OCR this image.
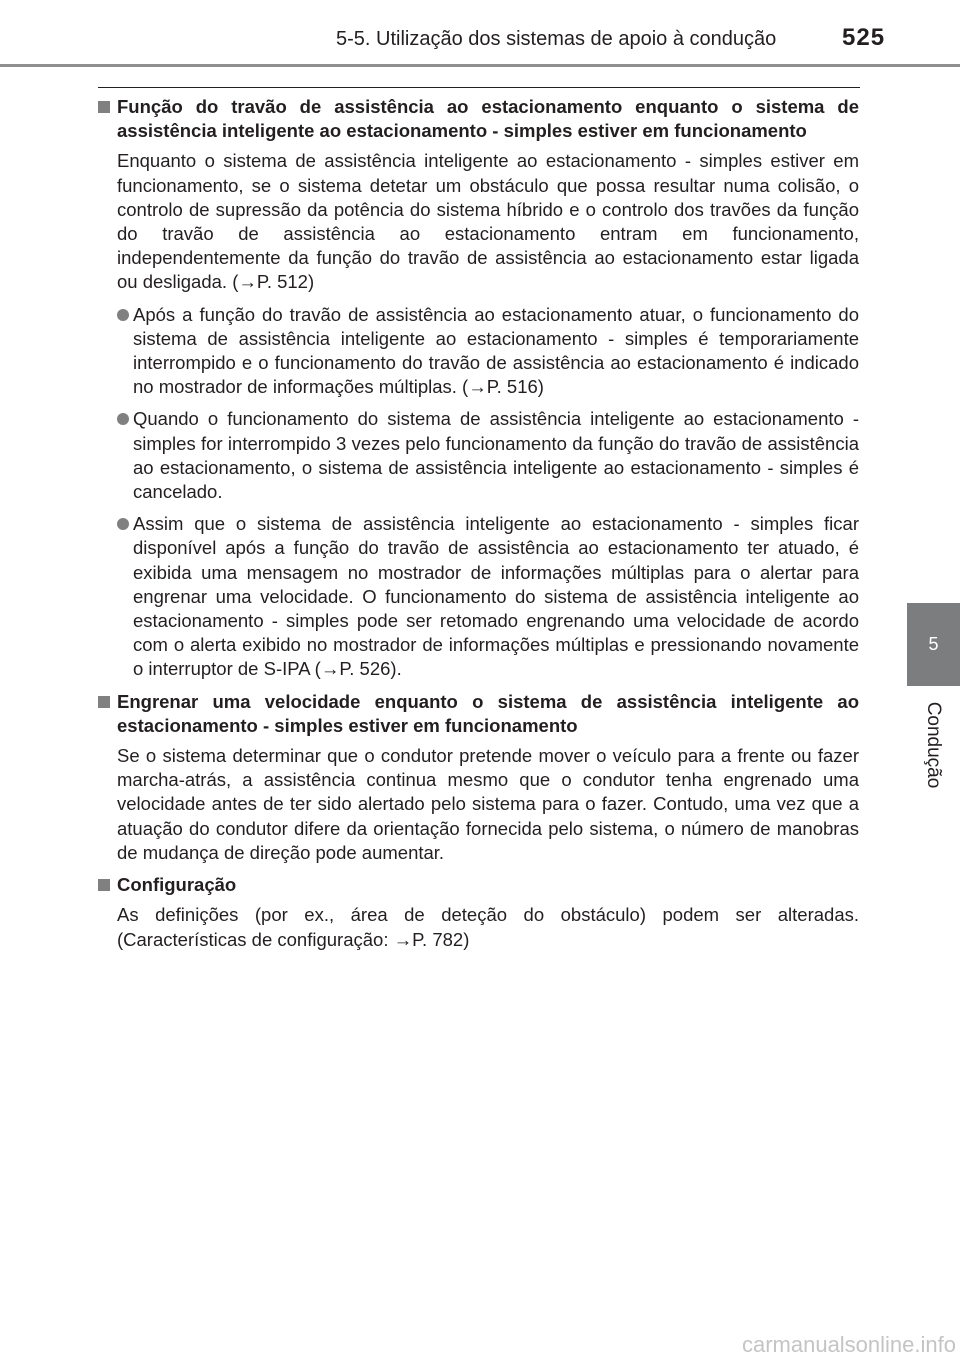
5-5. Utilização dos sistemas de apoio à condução	525
5
Condução
Função do travão de assistência ao estacionamento enquanto o sistema de assistência inteligente ao estacionamento - simples estiver em funcionamento
Enquanto o sistema de assistência inteligente ao estacionamento - simples estiver em funcionamento, se o sistema detetar um obstáculo que possa resultar numa colisão, o controlo de supressão da potência do sistema híbrido e o controlo dos travões da função do travão de assistência ao estacionamento entram em funcionamento, independentemente da função do travão de assistência ao estacionamento estar ligada ou desligada. (→P. 512)
Após a função do travão de assistência ao estacionamento atuar, o funcionamento do sistema de assistência inteligente ao estacionamento - simples é temporariamente interrompido e o funcionamento do travão de assistência ao estacionamento é indicado no mostrador de informações múltiplas. (→P. 516)
Quando o funcionamento do sistema de assistência inteligente ao estacionamento - simples for interrompido 3 vezes pelo funcionamento da função do travão de assistência ao estacionamento, o sistema de assistência inteligente ao estacionamento - simples é cancelado.
Assim que o sistema de assistência inteligente ao estacionamento - simples ficar disponível após a função do travão de assistência ao estacionamento ter atuado, é exibida uma mensagem no mostrador de informações múltiplas para o alertar para engrenar uma velocidade. O funcionamento do sistema de assistência inteligente ao estacionamento - simples pode ser retomado engrenando uma velocidade de acordo com o alerta exibido no mostrador de informações múltiplas e pressionando novamente o interruptor de S-IPA (→P. 526).
Engrenar uma velocidade enquanto o sistema de assistência inteligente ao estacionamento - simples estiver em funcionamento
Se o sistema determinar que o condutor pretende mover o veículo para a frente ou fazer marcha-atrás, a assistência continua mesmo que o condutor tenha engrenado uma velocidade antes de ter sido alertado pelo sistema para o fazer. Contudo, uma vez que a atuação do condutor difere da orientação fornecida pelo sistema, o número de manobras de mudança de direção pode aumentar.
Configuração
As definições (por ex., área de deteção do obstáculo) podem ser alteradas. (Características de configuração: →P. 782)
carmanualsonline.info
